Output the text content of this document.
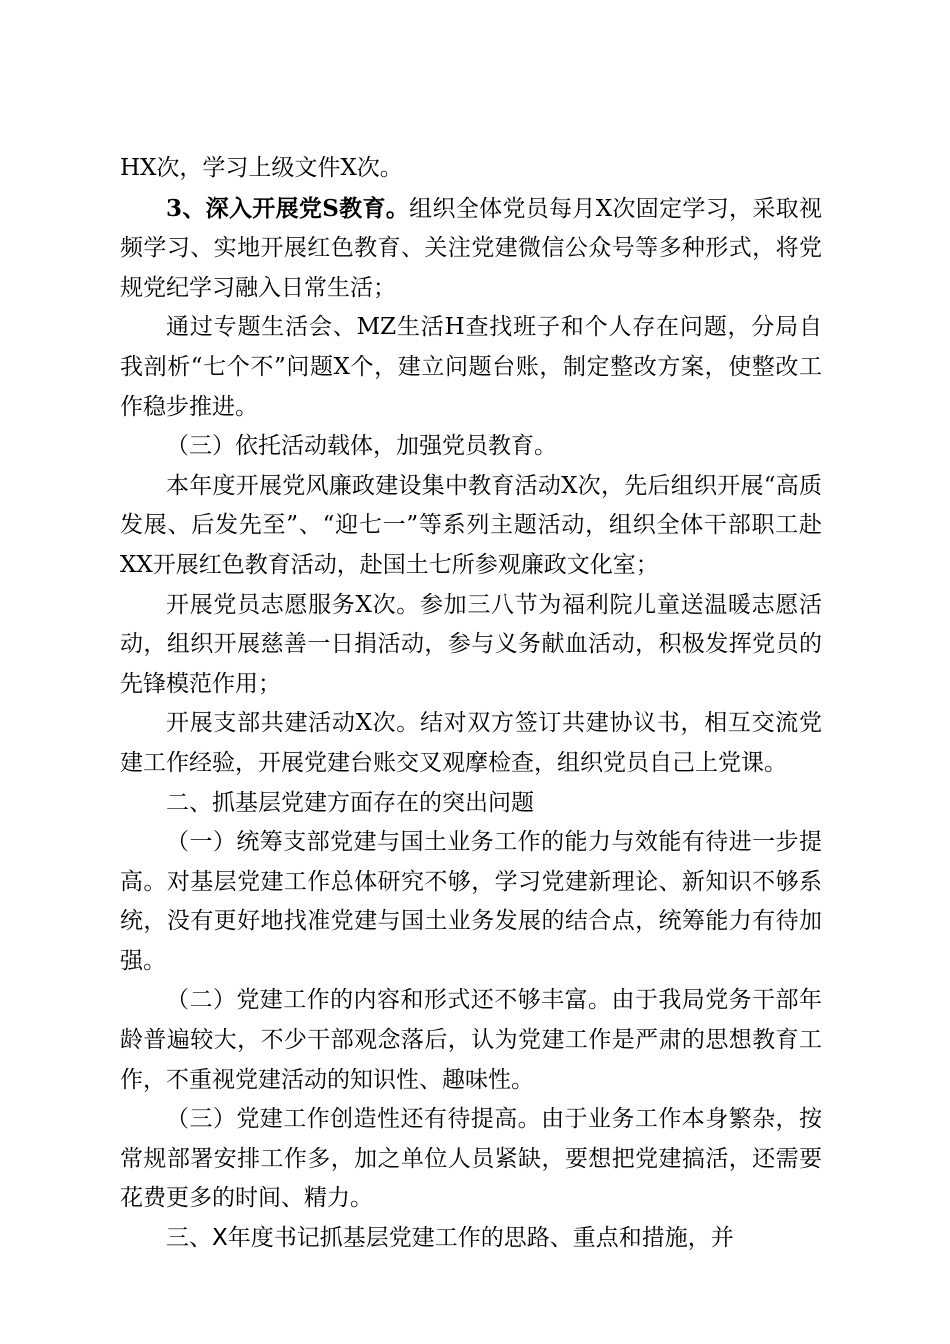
HX次，学习上级文件X次。

3、深入开展党S教育。组织全体党员每月X次固定学习，采取视频学习、实地开展红色教育、关注党建微信公众号等多种形式，将党规党纪学习融入日常生活；

通过专题生活会、MZ生活H查找班子和个人存在问题，分局自我剖析“七个不”问题X个，建立问题台账，制定整改方案，使整改工作稳步推进。

（三）依托活动载体，加强党员教育。

本年度开展党风廉政建设集中教育活动X次，先后组织开展“高质发展、后发先至”、“迎七一”等系列主题活动，组织全体干部职工赴XX开展红色教育活动，赴国土七所参观廉政文化室；

开展党员志愿服务X次。参加三八节为福利院儿童送温暖志愿活动，组织开展慈善一日捐活动，参与义务献血活动，积极发挥党员的先锋模范作用；

开展支部共建活动X次。结对双方签订共建协议书，相互交流党建工作经验，开展党建台账交叉观摩检查，组织党员自己上党课。

二、抓基层党建方面存在的突出问题

（一）统筹支部党建与国土业务工作的能力与效能有待进一步提高。对基层党建工作总体研究不够，学习党建新理论、新知识不够系统，没有更好地找准党建与国土业务发展的结合点，统筹能力有待加强。

（二）党建工作的内容和形式还不够丰富。由于我局党务干部年龄普遍较大，不少干部观念落后，认为党建工作是严肃的思想教育工作，不重视党建活动的知识性、趣味性。

（三）党建工作创造性还有待提高。由于业务工作本身繁杂，按常规部署安排工作多，加之单位人员紧缺，要想把党建搞活，还需要花费更多的时间、精力。

三、X年度书记抓基层党建工作的思路、重点和措施，并
